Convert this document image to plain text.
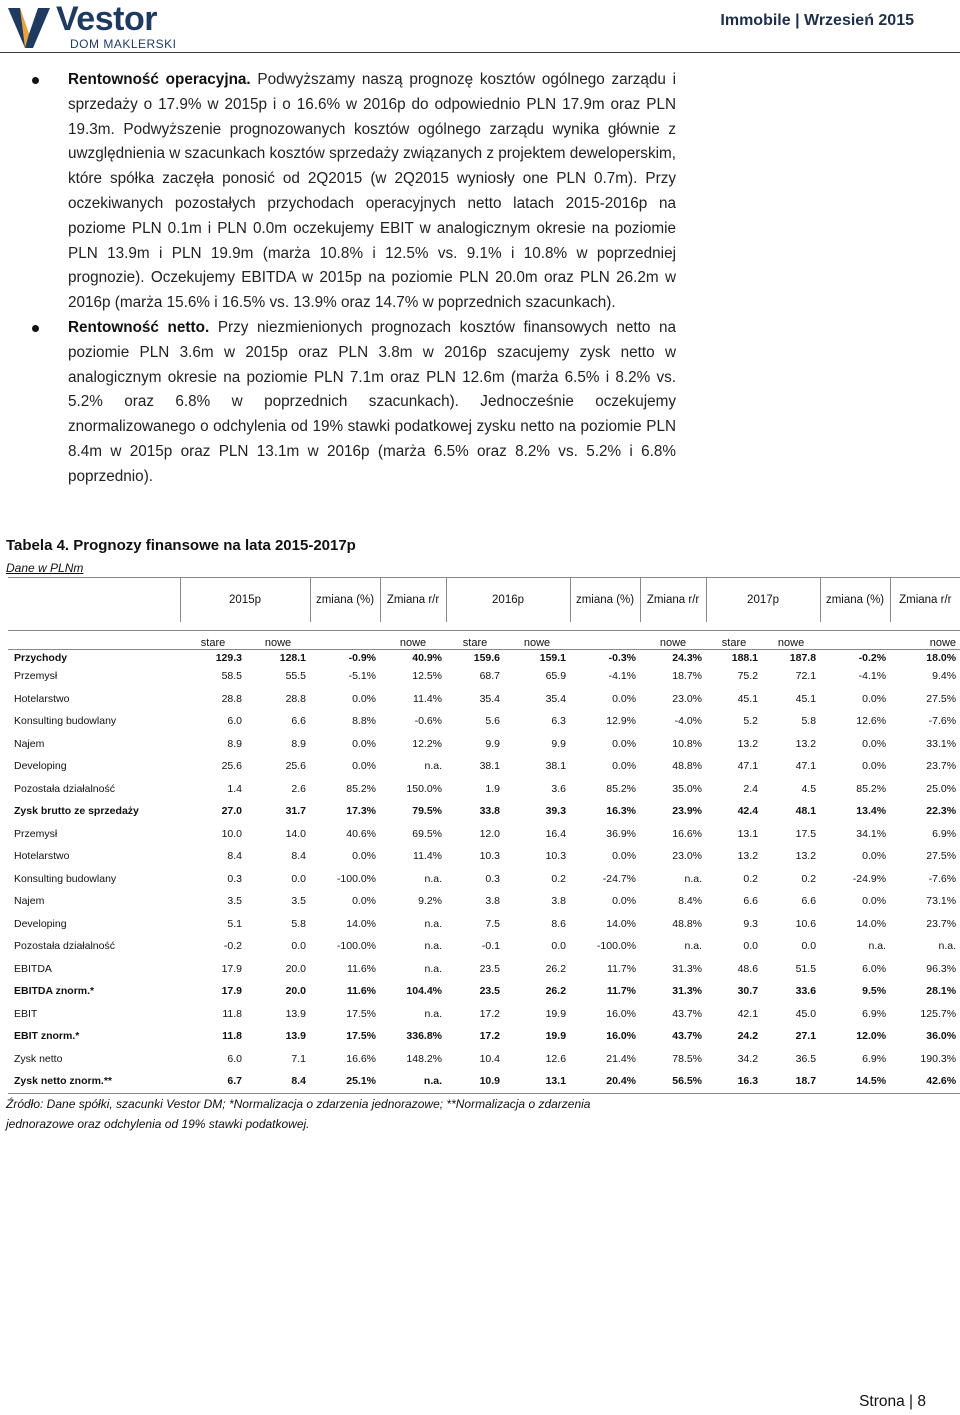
Vestor
DOM MAKLERSKI
Immobile | Wrzesień 2015
Rentowność operacyjna. Podwyższamy naszą prognozę kosztów ogólnego zarządu i sprzedaży o 17.9% w 2015p i o 16.6% w 2016p do odpowiednio PLN 17.9m oraz PLN 19.3m. Podwyższenie prognozowanych kosztów ogólnego zarządu wynika głównie z uwzględnienia w szacunkach kosztów sprzedaży związanych z projektem deweloperskim, które spółka zaczęła ponosić od 2Q2015 (w 2Q2015 wyniosły one PLN 0.7m). Przy oczekiwanych pozostałych przychodach operacyjnych netto latach 2015-2016p na poziome PLN 0.1m i PLN 0.0m oczekujemy EBIT w analogicznym okresie na poziomie PLN 13.9m i PLN 19.9m (marża 10.8% i 12.5% vs. 9.1% i 10.8% w poprzedniej prognozie). Oczekujemy EBITDA w 2015p na poziomie PLN 20.0m oraz PLN 26.2m w 2016p (marża 15.6% i 16.5% vs. 13.9% oraz 14.7% w poprzednich szacunkach).
Rentowność netto. Przy niezmienionych prognozach kosztów finansowych netto na poziomie PLN 3.6m w 2015p oraz PLN 3.8m w 2016p szacujemy zysk netto w analogicznym okresie na poziomie PLN 7.1m oraz PLN 12.6m (marża 6.5% i 8.2% vs. 5.2% oraz 6.8% w poprzednich szacunkach). Jednocześnie oczekujemy znormalizowanego o odchylenia od 19% stawki podatkowej zysku netto na poziomie PLN 8.4m w 2015p oraz PLN 13.1m w 2016p (marża 6.5% oraz 8.2% vs. 5.2% i 6.8% poprzednio).
Tabela 4. Prognozy finansowe na lata 2015-2017p
Dane w PLNm
	2015p		zmiana (%)	Zmiana r/r	2016p		zmiana (%)	Zmiana r/r	2017p		zmiana (%)	Zmiana r/r

	stare	nowe		nowe	stare	nowe		nowe	stare	nowe		nowe
Przychody	129.3	128.1	-0.9%	40.9%	159.6	159.1	-0.3%	24.3%	188.1	187.8	-0.2%	18.0%
Przemysł	58.5	55.5	-5.1%	12.5%	68.7	65.9	-4.1%	18.7%	75.2	72.1	-4.1%	9.4%
Hotelarstwo	28.8	28.8	0.0%	11.4%	35.4	35.4	0.0%	23.0%	45.1	45.1	0.0%	27.5%
Konsulting budowlany	6.0	6.6	8.8%	-0.6%	5.6	6.3	12.9%	-4.0%	5.2	5.8	12.6%	-7.6%
Najem	8.9	8.9	0.0%	12.2%	9.9	9.9	0.0%	10.8%	13.2	13.2	0.0%	33.1%
Developing	25.6	25.6	0.0%	n.a.	38.1	38.1	0.0%	48.8%	47.1	47.1	0.0%	23.7%
Pozostała działalność	1.4	2.6	85.2%	150.0%	1.9	3.6	85.2%	35.0%	2.4	4.5	85.2%	25.0%
Zysk brutto ze sprzedaży	27.0	31.7	17.3%	79.5%	33.8	39.3	16.3%	23.9%	42.4	48.1	13.4%	22.3%
Przemysł	10.0	14.0	40.6%	69.5%	12.0	16.4	36.9%	16.6%	13.1	17.5	34.1%	6.9%
Hotelarstwo	8.4	8.4	0.0%	11.4%	10.3	10.3	0.0%	23.0%	13.2	13.2	0.0%	27.5%
Konsulting budowlany	0.3	0.0	-100.0%	n.a.	0.3	0.2	-24.7%	n.a.	0.2	0.2	-24.9%	-7.6%
Najem	3.5	3.5	0.0%	9.2%	3.8	3.8	0.0%	8.4%	6.6	6.6	0.0%	73.1%
Developing	5.1	5.8	14.0%	n.a.	7.5	8.6	14.0%	48.8%	9.3	10.6	14.0%	23.7%
Pozostała działalność	-0.2	0.0	-100.0%	n.a.	-0.1	0.0	-100.0%	n.a.	0.0	0.0	n.a.	n.a.
EBITDA	17.9	20.0	11.6%	n.a.	23.5	26.2	11.7%	31.3%	48.6	51.5	6.0%	96.3%
EBITDA znorm.*	17.9	20.0	11.6%	104.4%	23.5	26.2	11.7%	31.3%	30.7	33.6	9.5%	28.1%
EBIT	11.8	13.9	17.5%	n.a.	17.2	19.9	16.0%	43.7%	42.1	45.0	6.9%	125.7%
EBIT znorm.*	11.8	13.9	17.5%	336.8%	17.2	19.9	16.0%	43.7%	24.2	27.1	12.0%	36.0%
Zysk netto	6.0	7.1	16.6%	148.2%	10.4	12.6	21.4%	78.5%	34.2	36.5	6.9%	190.3%
Zysk netto znorm.**	6.7	8.4	25.1%	n.a.	10.9	13.1	20.4%	56.5%	16.3	18.7	14.5%	42.6%
Źródło: Dane spółki, szacunki Vestor DM; *Normalizacja o zdarzenia jednorazowe; **Normalizacja o zdarzenia jednorazowe oraz odchylenia od 19% stawki podatkowej.
Strona | 8
